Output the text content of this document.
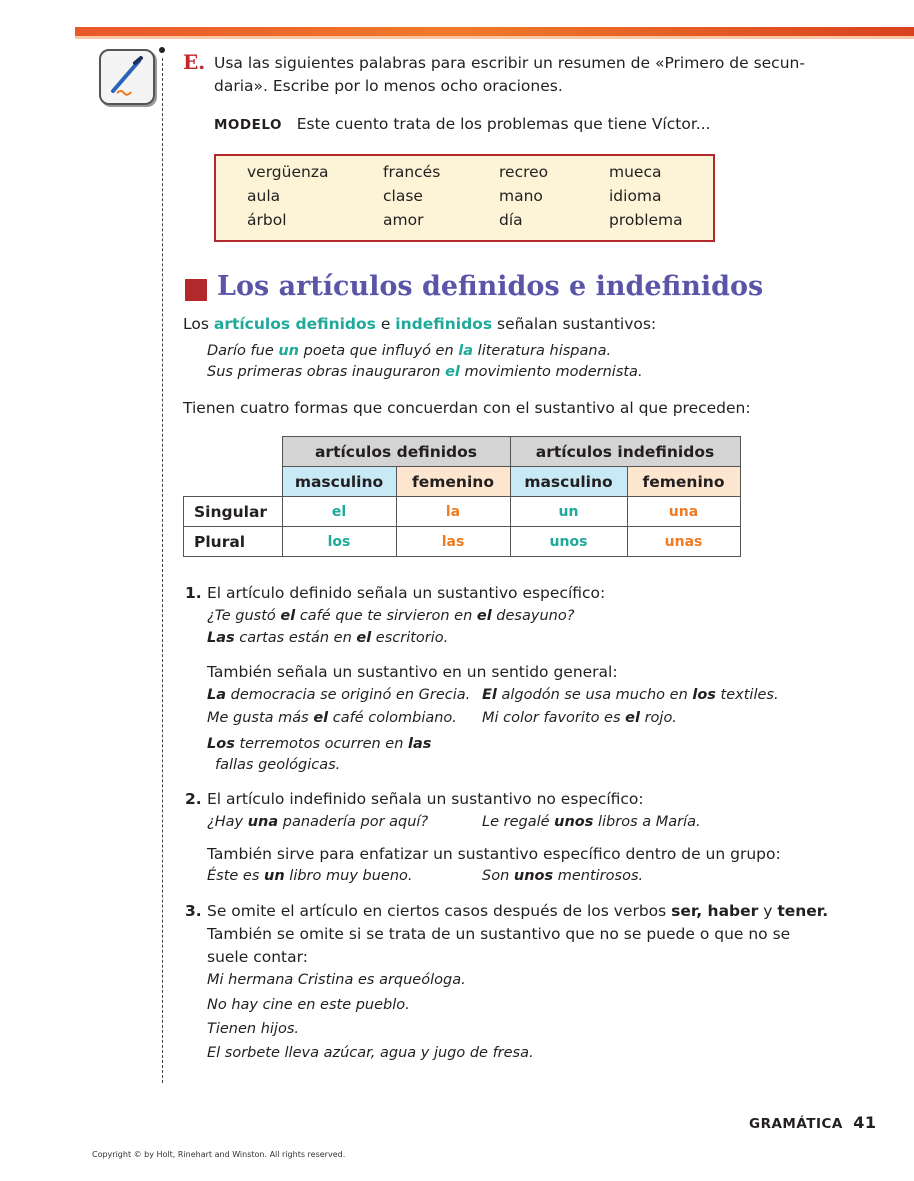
E. Usa las siguientes palabras para escribir un resumen de «Primero de secun-
daria». Escribe por lo menos ocho oraciones.
MODELO Este cuento trata de los problemas que tiene Víctor...
vergüenza	francés	recreo	mueca
aula	clase	mano	idioma
árbol	amor	día	problema
Los artículos definidos e indefinidos
Los artículos definidos e indefinidos señalan sustantivos:
Darío fue un poeta que influyó en la literatura hispana.
Sus primeras obras inauguraron el movimiento modernista.
Tienen cuatro formas que concuerdan con el sustantivo al que preceden:
	artículos definidos		artículos indefinidos	
	masculino	femenino	masculino	femenino
Singular	el	la	un	una
Plural	los	las	unos	unas
1. El artículo definido señala un sustantivo específico:
¿Te gustó el café que te sirvieron en el desayuno?
Las cartas están en el escritorio.
También señala un sustantivo en un sentido general:
La democracia se originó en Grecia. El algodón se usa mucho en los textiles.
Me gusta más el café colombiano. Mi color favorito es el rojo.
Los terremotos ocurren en las
fallas geológicas.
2. El artículo indefinido señala un sustantivo no específico:
¿Hay una panadería por aquí?	Le regalé unos libros a María.
También sirve para enfatizar un sustantivo específico dentro de un grupo:
Éste es un libro muy bueno.	Son unos mentirosos.
3. Se omite el artículo en ciertos casos después de los verbos ser, haber y tener.
También se omite si se trata de un sustantivo que no se puede o que no se
suele contar:
Mi hermana Cristina es arqueóloga.
No hay cine en este pueblo.
Tienen hijos.
El sorbete lleva azúcar, agua y jugo de fresa.
GRAMÁTICA 41
Copyright © by Holt, Rinehart and Winston. All rights reserved.
